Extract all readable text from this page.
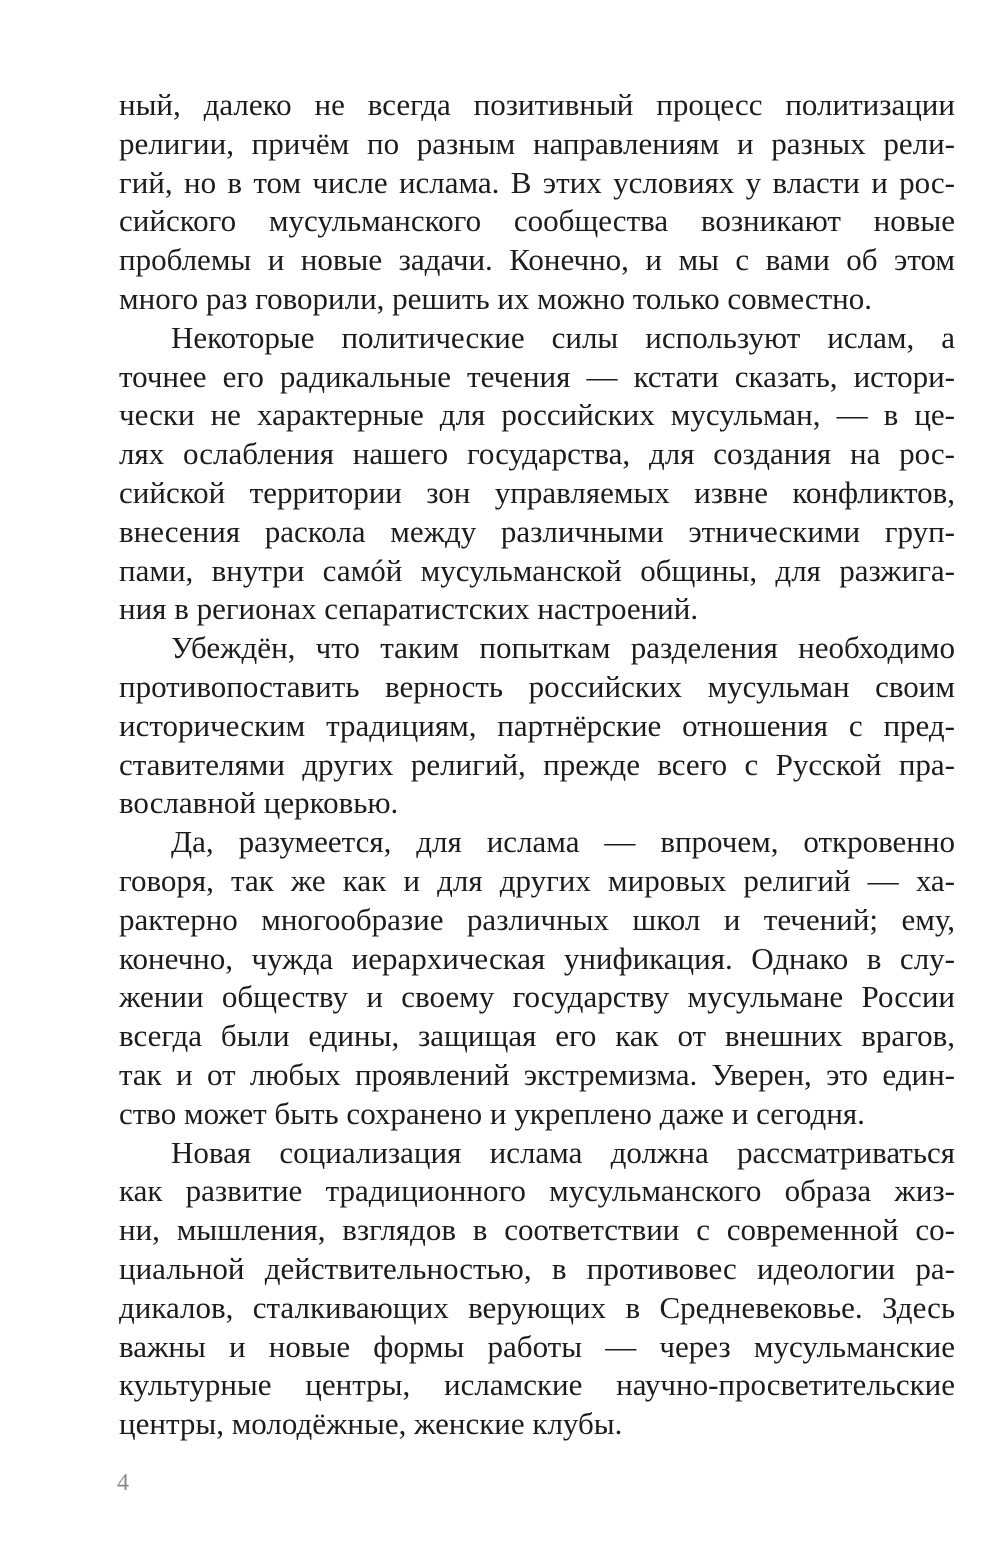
ный, далеко не всегда позитивный процесс политизации
религии, причём по разным направлениям и разных рели-
гий, но в том числе ислама. В этих условиях у власти и рос-
сийского мусульманского сообщества возникают новые
проблемы и новые задачи. Конечно, и мы с вами об этом
много раз говорили, решить их можно только совместно.
Некоторые политические силы используют ислам, а
точнее его радикальные течения — кстати сказать, истори-
чески не характерные для российских мусульман, — в це-
лях ослабления нашего государства, для создания на рос-
сийской территории зон управляемых извне конфликтов,
внесения раскола между различными этническими груп-
пами, внутри самóй мусульманской общины, для разжига-
ния в регионах сепаратистских настроений.
Убеждён, что таким попыткам разделения необходимо
противопоставить верность российских мусульман своим
историческим традициям, партнёрские отношения с пред-
ставителями других религий, прежде всего с Русской пра-
вославной церковью.
Да, разумеется, для ислама — впрочем, откровенно
говоря, так же как и для других мировых религий — ха-
рактерно многообразие различных школ и течений; ему,
конечно, чужда иерархическая унификация. Однако в слу-
жении обществу и своему государству мусульмане России
всегда были едины, защищая его как от внешних врагов,
так и от любых проявлений экстремизма. Уверен, это един-
ство может быть сохранено и укреплено даже и сегодня.
Новая социализация ислама должна рассматриваться
как развитие традиционного мусульманского образа жиз-
ни, мышления, взглядов в соответствии с современной со-
циальной действительностью, в противовес идеологии ра-
дикалов, сталкивающих верующих в Средневековье. Здесь
важны и новые формы работы — через мусульманские
культурные центры, исламские научно-просветительские
центры, молодёжные, женские клубы.
4
